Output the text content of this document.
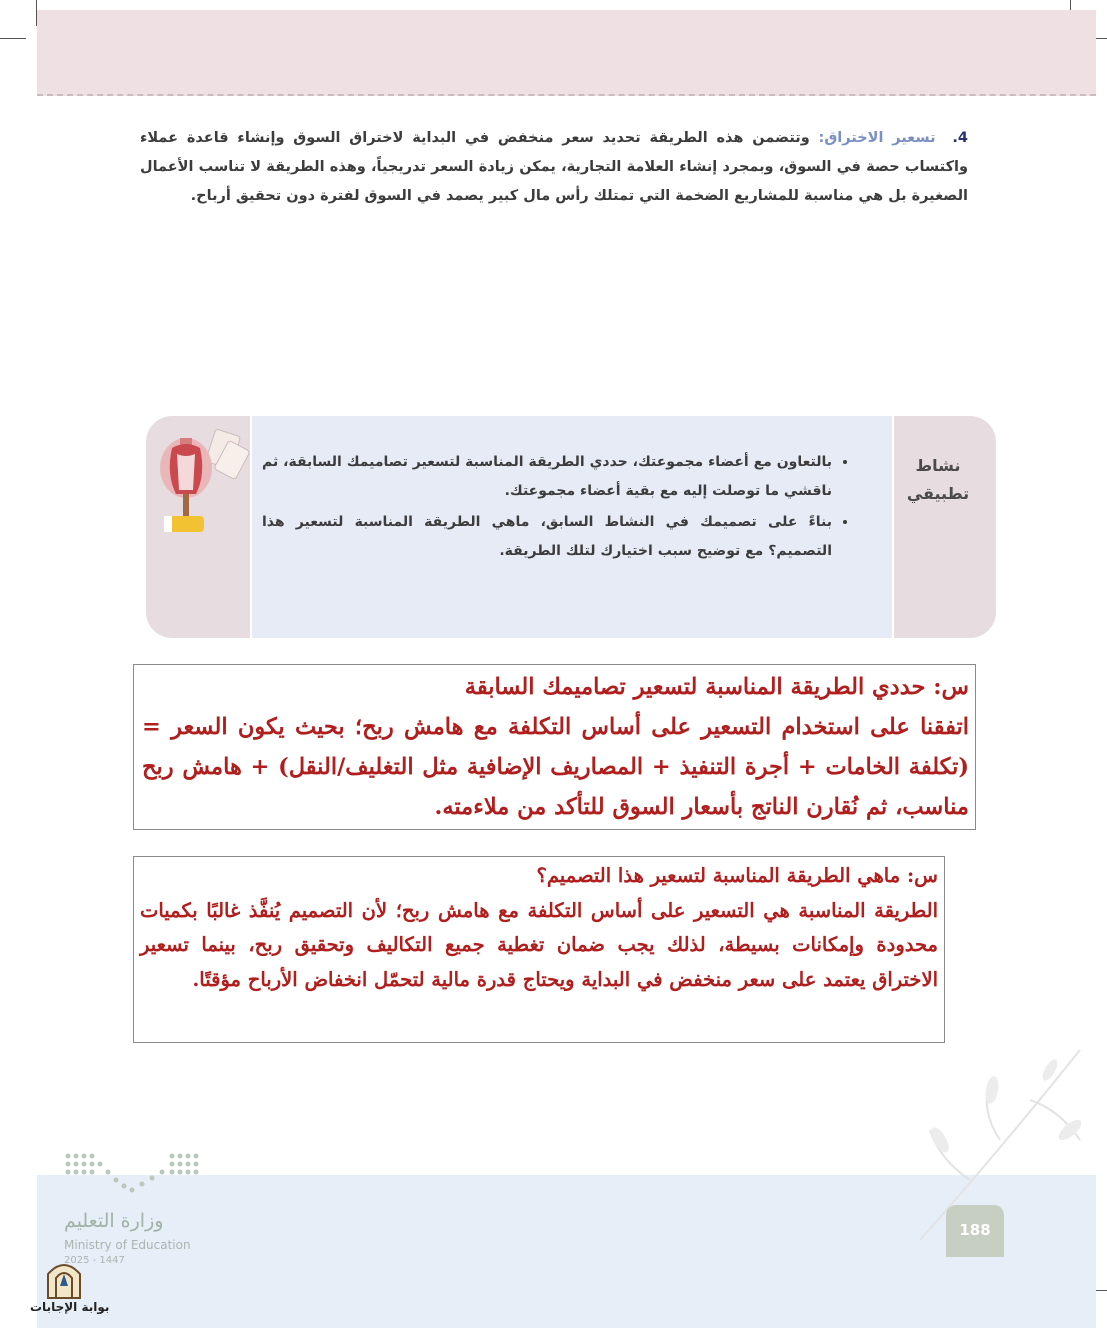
4. تسعير الاختراق: وتتضمن هذه الطريقة تحديد سعر منخفض في البداية لاختراق السوق وإنشاء قاعدة عملاء واكتساب حصة في السوق، وبمجرد إنشاء العلامة التجارية، يمكن زيادة السعر تدريجياً، وهذه الطريقة لا تناسب الأعمال الصغيرة بل هي مناسبة للمشاريع الضخمة التي تمتلك رأس مال كبير يصمد في السوق لفترة دون تحقيق أرباح.
نشاط
تطبيقي
• بالتعاون مع أعضاء مجموعتك، حددي الطريقة المناسبة لتسعير تصاميمك السابقة، ثم ناقشي ما توصلت إليه مع بقية أعضاء مجموعتك.
• بناءً على تصميمك في النشاط السابق، ماهي الطريقة المناسبة لتسعير هذا التصميم؟ مع توضيح سبب اختيارك لتلك الطريقة.

س: حددي الطريقة المناسبة لتسعير تصاميمك السابقة
اتفقنا على استخدام التسعير على أساس التكلفة مع هامش ربح؛ بحيث يكون السعر = (تكلفة الخامات + أجرة التنفيذ + المصاريف الإضافية مثل التغليف/النقل) + هامش ربح مناسب، ثم نُقارن الناتج بأسعار السوق للتأكد من ملاءمته.

س: ماهي الطريقة المناسبة لتسعير هذا التصميم؟
الطريقة المناسبة هي التسعير على أساس التكلفة مع هامش ربح؛ لأن التصميم يُنفَّذ غالبًا بكميات محدودة وإمكانات بسيطة، لذلك يجب ضمان تغطية جميع التكاليف وتحقيق ربح، بينما تسعير الاختراق يعتمد على سعر منخفض في البداية ويحتاج قدرة مالية لتحمّل انخفاض الأرباح مؤقتًا.

188
وزارة التعليم
Ministry of Education
2025 - 1447
بوابة الإجابات
